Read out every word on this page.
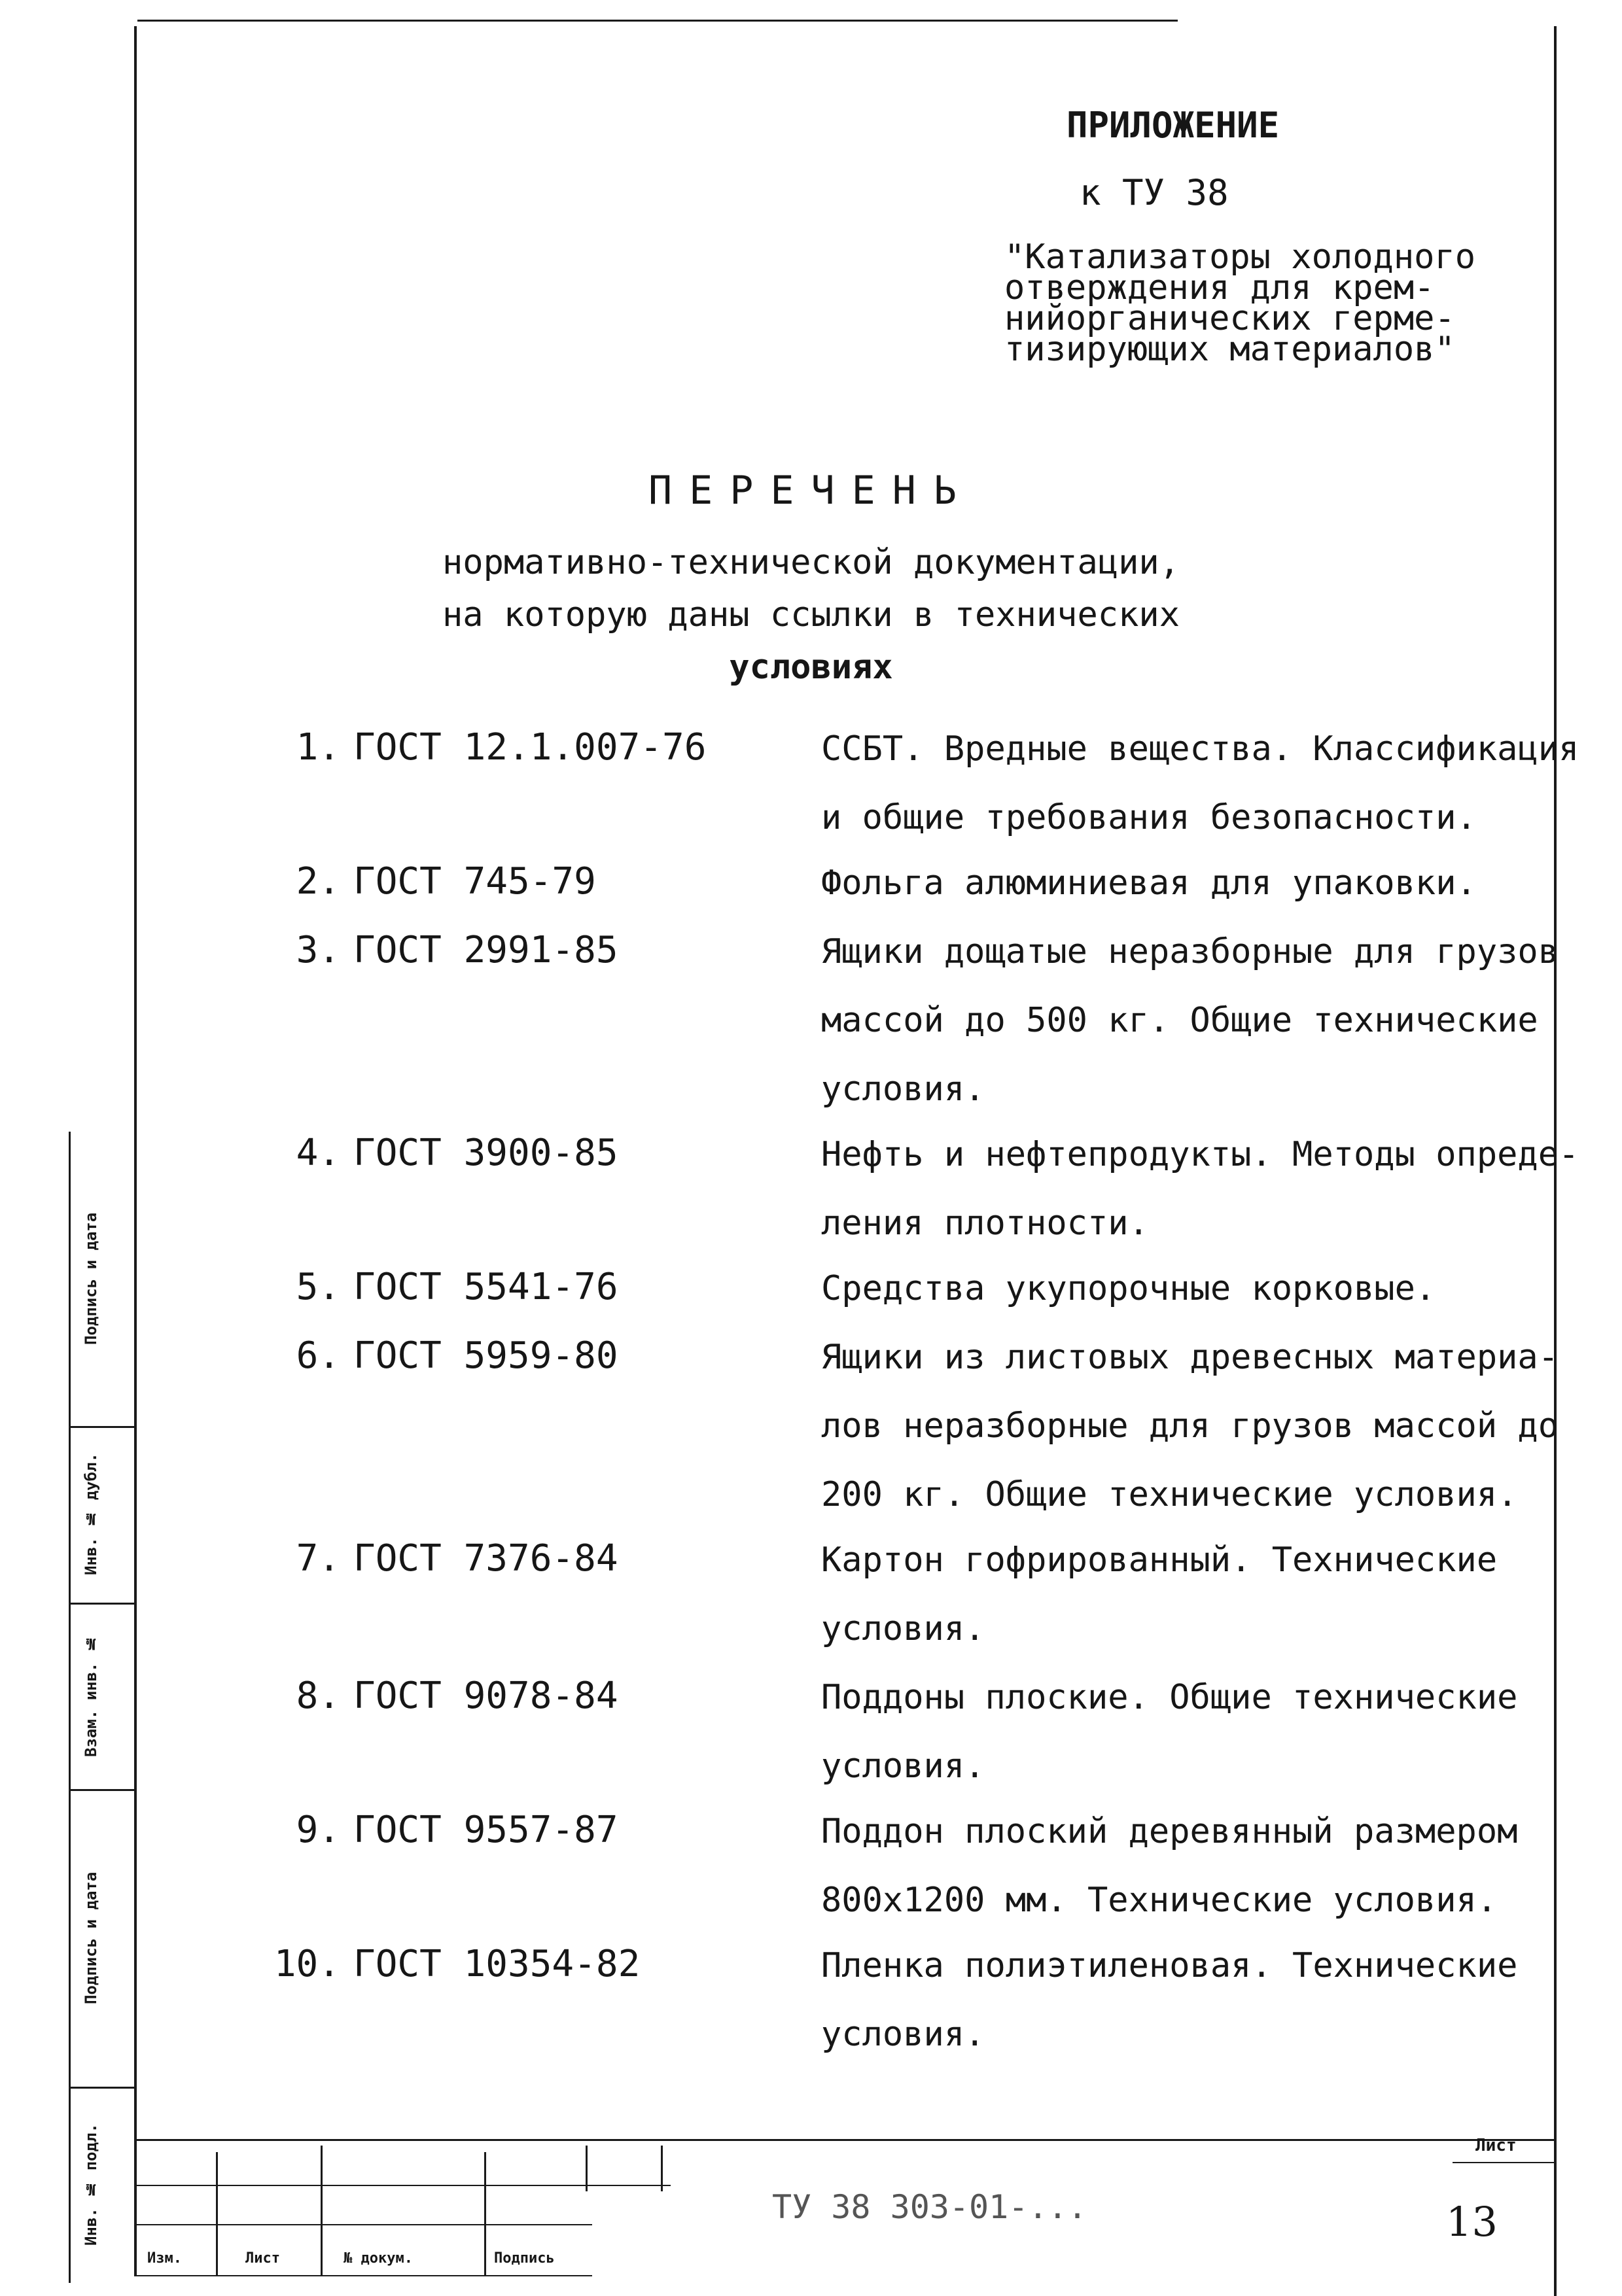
Подпись и дата
Инв. № дубл.
Взам. инв. №
Подпись и дата
Инв. № подл.
ПРИЛОЖЕНИЕ
к ТУ 38
"Катализаторы холодного
отверждения для крем-
нийорганических герме-
тизирующих материалов"
ПЕРЕЧЕНЬ
нормативно-технической документации,
на которую даны ссылки в технических
условиях
1. ГОСТ 12.1.007-76	ССБТ. Вредные вещества. Классификация
и общие требования безопасности.
2. ГОСТ 745-79	Фольга алюминиевая для упаковки.
3. ГОСТ 2991-85	Ящики дощатые неразборные для грузов
массой до 500 кг. Общие технические
условия.
4. ГОСТ 3900-85	Нефть и нефтепродукты. Методы опреде-
ления плотности.
5. ГОСТ 5541-76	Средства укупорочные корковые.
6. ГОСТ 5959-80	Ящики из листовых древесных материа-
лов неразборные для грузов массой до
200 кг. Общие технические условия.
7. ГОСТ 7376-84	Картон гофрированный. Технические
условия.
8. ГОСТ 9078-84	Поддоны плоские. Общие технические
условия.
9. ГОСТ 9557-87	Поддон плоский деревянный размером
800x1200 мм. Технические условия.
10. ГОСТ 10354-82	Пленка полиэтиленовая. Технические
условия.
Изм.	Лист	№ докум.	Подпись
ТУ 38 303-01-...
Лист
13
